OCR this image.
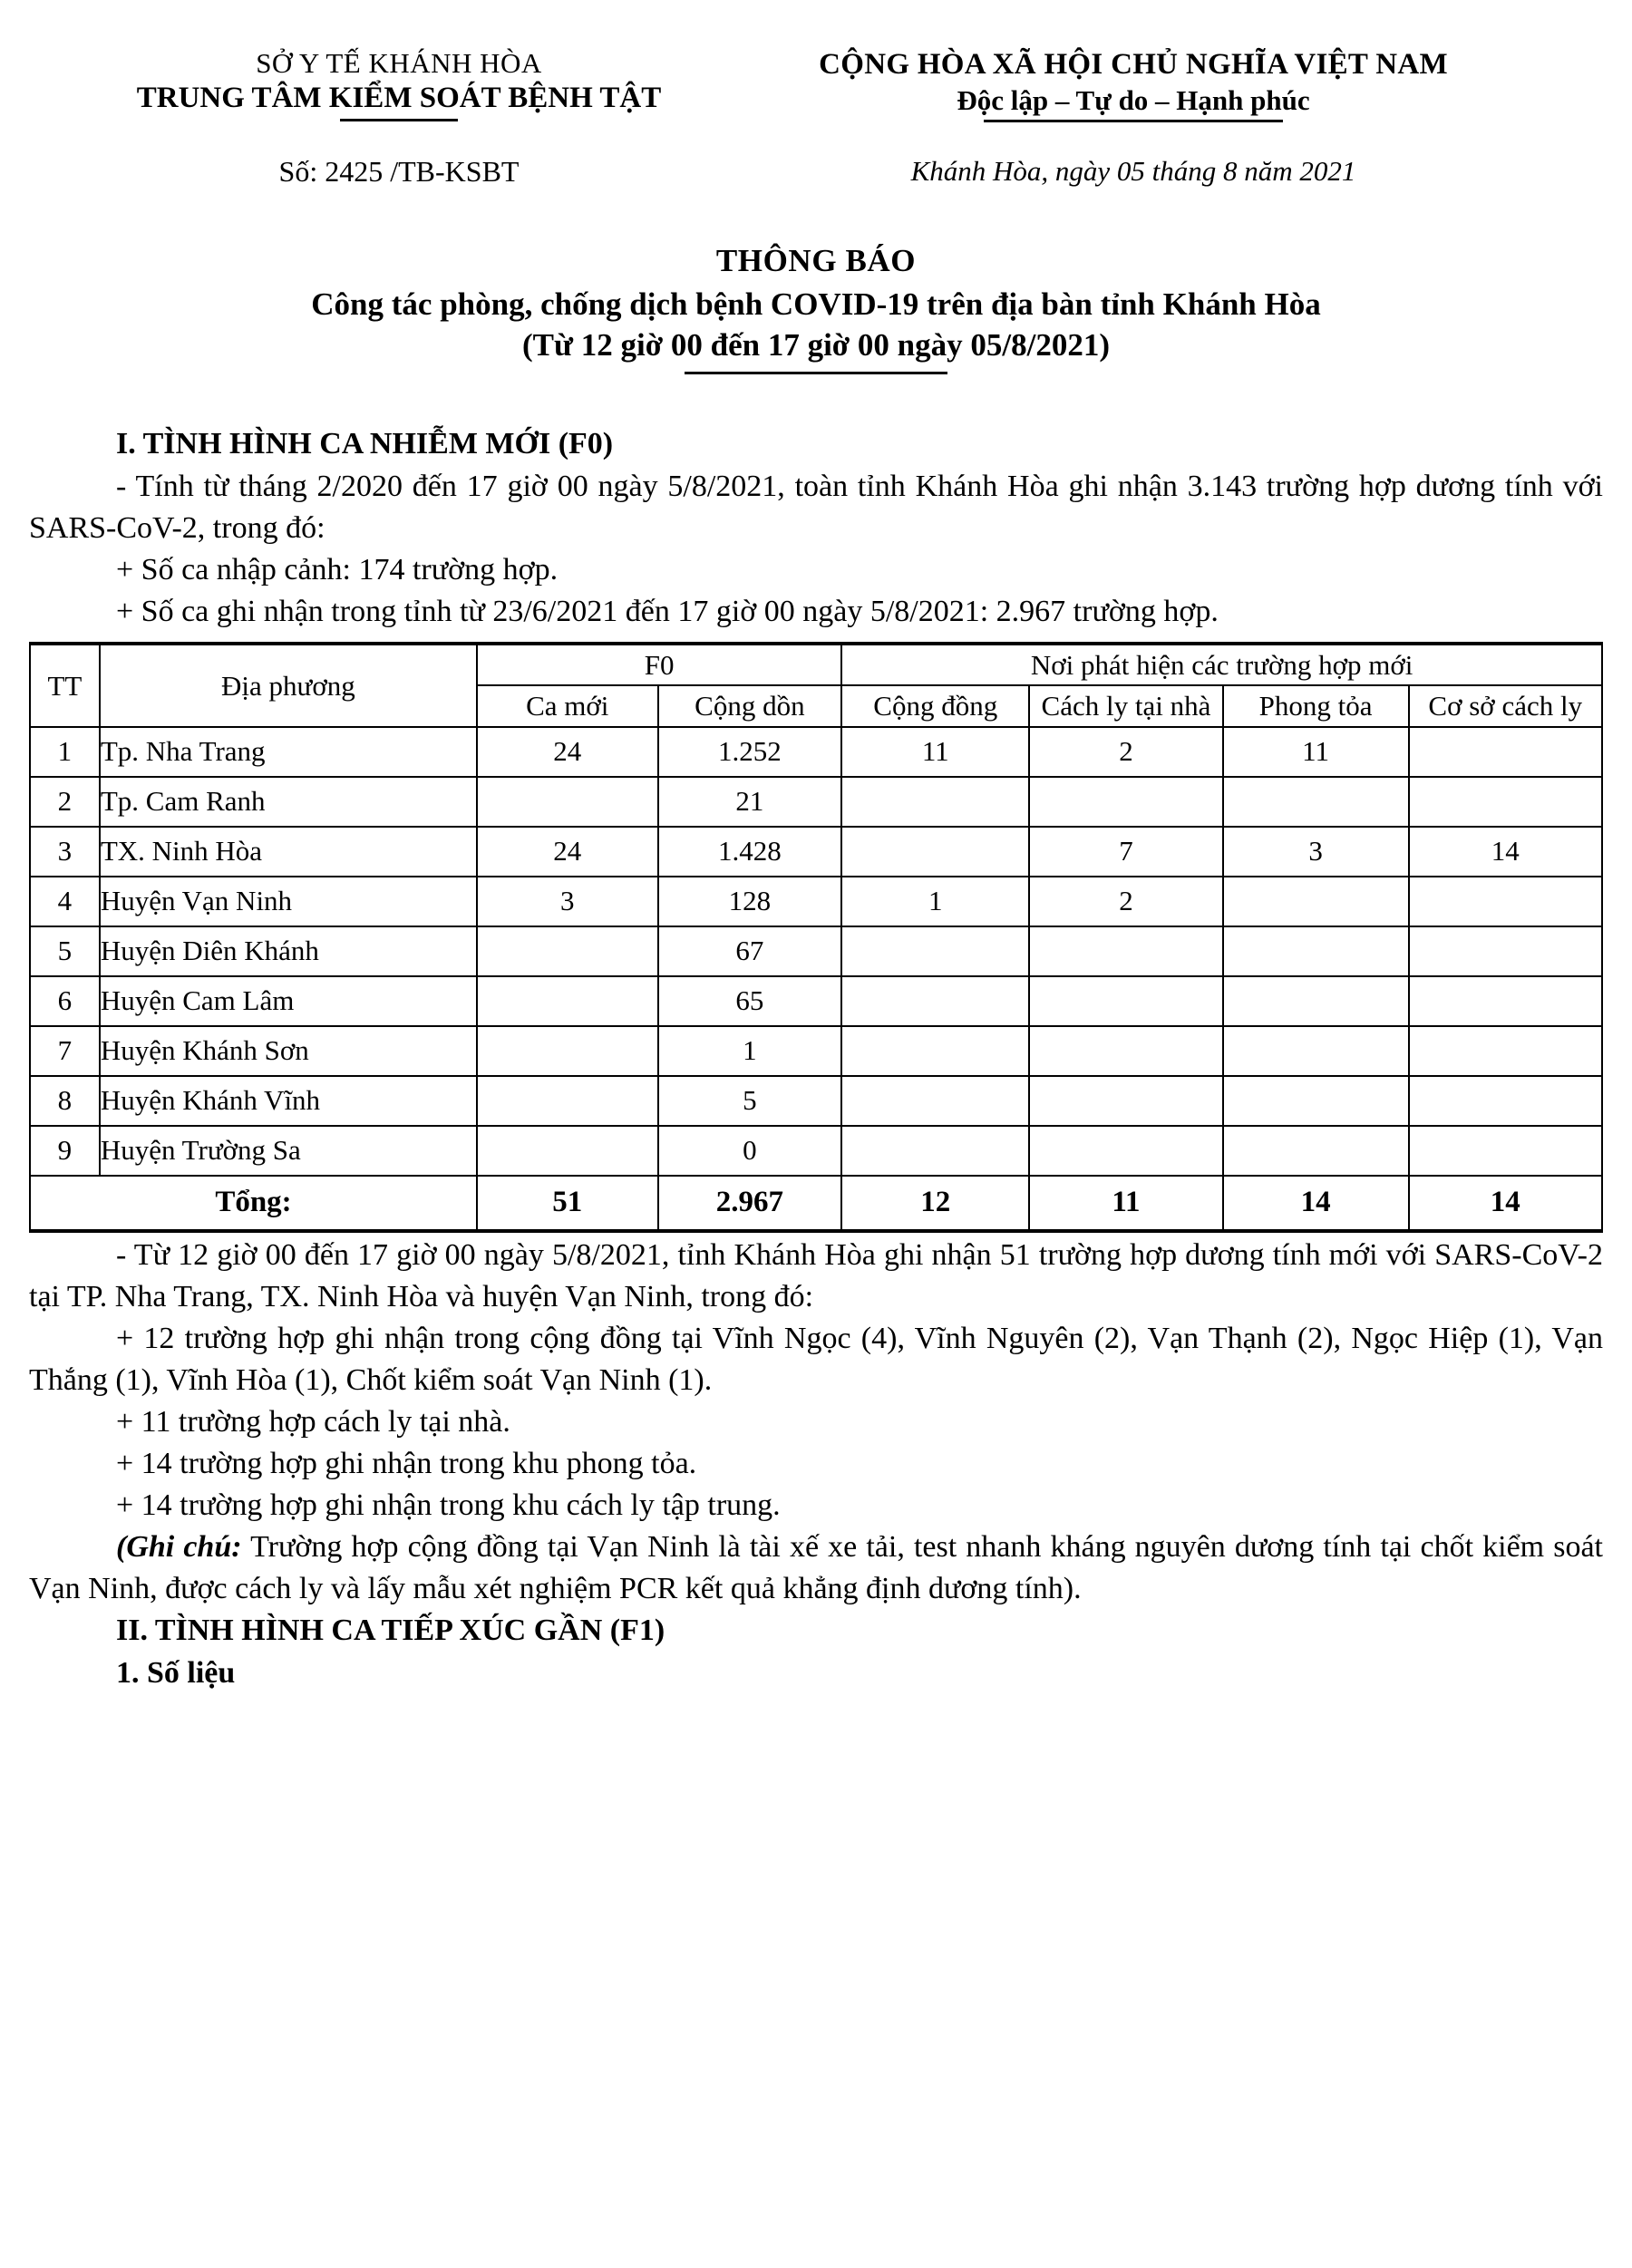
SỞ Y TẾ KHÁNH HÒA
TRUNG TÂM KIỂM SOÁT BỆNH TẬT
CỘNG HÒA XÃ HỘI CHỦ NGHĨA VIỆT NAM
Độc lập – Tự do – Hạnh phúc
Số: 2425 /TB-KSBT	Khánh Hòa, ngày 05 tháng 8 năm 2021
THÔNG BÁO
Công tác phòng, chống dịch bệnh COVID-19 trên địa bàn tỉnh Khánh Hòa
(Từ 12 giờ 00 đến 17 giờ 00 ngày 05/8/2021)
I. TÌNH HÌNH CA NHIỄM MỚI (F0)

- Tính từ tháng 2/2020 đến 17 giờ 00 ngày 5/8/2021, toàn tỉnh Khánh Hòa ghi nhận 3.143 trường hợp dương tính với SARS-CoV-2, trong đó:

+ Số ca nhập cảnh: 174 trường hợp.

+ Số ca ghi nhận trong tỉnh từ 23/6/2021 đến 17 giờ 00 ngày 5/8/2021: 2.967 trường hợp.

TT	Địa phương	F0		Nơi phát hiện các trường hợp mới			
		Ca mới	Cộng dồn	Cộng đồng	Cách ly tại nhà	Phong tỏa	Cơ sở cách ly
1	Tp. Nha Trang	24	1.252	11	2	11	
2	Tp. Cam Ranh		21				
3	TX. Ninh Hòa	24	1.428		7	3	14
4	Huyện Vạn Ninh	3	128	1	2		
5	Huyện Diên Khánh		67				
6	Huyện Cam Lâm		65				
7	Huyện Khánh Sơn		1				
8	Huyện Khánh Vĩnh		5				
9	Huyện Trường Sa		0				
Tổng:		51	2.967	12	11	14	14

- Từ 12 giờ 00 đến 17 giờ 00 ngày 5/8/2021, tỉnh Khánh Hòa ghi nhận 51 trường hợp dương tính mới với SARS-CoV-2 tại TP. Nha Trang, TX. Ninh Hòa và huyện Vạn Ninh, trong đó:

+ 12 trường hợp ghi nhận trong cộng đồng tại Vĩnh Ngọc (4), Vĩnh Nguyên (2), Vạn Thạnh (2), Ngọc Hiệp (1), Vạn Thắng (1), Vĩnh Hòa (1), Chốt kiểm soát Vạn Ninh (1).

+ 11 trường hợp cách ly tại nhà.

+ 14 trường hợp ghi nhận trong khu phong tỏa.

+ 14 trường hợp ghi nhận trong khu cách ly tập trung.

(Ghi chú: Trường hợp cộng đồng tại Vạn Ninh là tài xế xe tải, test nhanh kháng nguyên dương tính tại chốt kiểm soát Vạn Ninh, được cách ly và lấy mẫu xét nghiệm PCR kết quả khẳng định dương tính).

II. TÌNH HÌNH CA TIẾP XÚC GẦN (F1)
1. Số liệu
